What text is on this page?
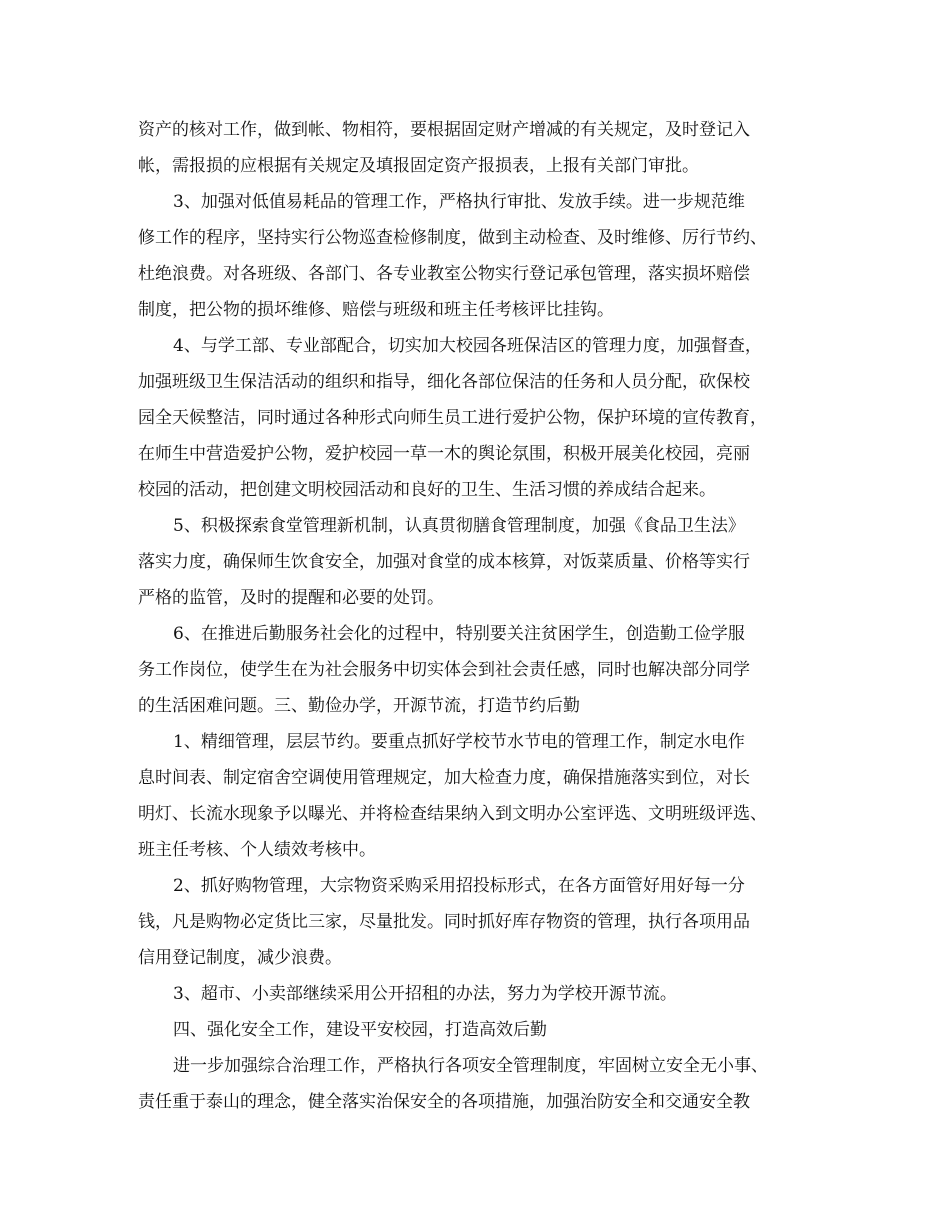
资产的核对工作，做到帐、物相符，要根据固定财产增减的有关规定，及时登记入
帐，需报损的应根据有关规定及填报固定资产报损表，上报有关部门审批。
3、加强对低值易耗品的管理工作，严格执行审批、发放手续。进一步规范维
修工作的程序，坚持实行公物巡查检修制度，做到主动检查、及时维修、厉行节约、
杜绝浪费。对各班级、各部门、各专业教室公物实行登记承包管理，落实损坏赔偿
制度，把公物的损坏维修、赔偿与班级和班主任考核评比挂钩。
4、与学工部、专业部配合，切实加大校园各班保洁区的管理力度，加强督查，
加强班级卫生保洁活动的组织和指导，细化各部位保洁的任务和人员分配，砍保校
园全天候整洁，同时通过各种形式向师生员工进行爱护公物，保护环境的宣传教育，
在师生中营造爱护公物，爱护校园一草一木的舆论氛围，积极开展美化校园，亮丽
校园的活动，把创建文明校园活动和良好的卫生、生活习惯的养成结合起来。
5、积极探索食堂管理新机制，认真贯彻膳食管理制度，加强《食品卫生法》
落实力度，确保师生饮食安全，加强对食堂的成本核算，对饭菜质量、价格等实行
严格的监管，及时的提醒和必要的处罚。
6、在推进后勤服务社会化的过程中，特别要关注贫困学生，创造勤工俭学服
务工作岗位，使学生在为社会服务中切实体会到社会责任感，同时也解决部分同学
的生活困难问题。三、勤俭办学，开源节流，打造节约后勤
1、精细管理，层层节约。要重点抓好学校节水节电的管理工作，制定水电作
息时间表、制定宿舍空调使用管理规定，加大检查力度，确保措施落实到位，对长
明灯、长流水现象予以曝光、并将检查结果纳入到文明办公室评选、文明班级评选、
班主任考核、个人绩效考核中。
2、抓好购物管理，大宗物资采购采用招投标形式，在各方面管好用好每一分
钱，凡是购物必定货比三家，尽量批发。同时抓好库存物资的管理，执行各项用品
信用登记制度，减少浪费。
3、超市、小卖部继续采用公开招租的办法，努力为学校开源节流。
四、强化安全工作，建设平安校园，打造高效后勤
进一步加强综合治理工作，严格执行各项安全管理制度，牢固树立安全无小事、
责任重于泰山的理念，健全落实治保安全的各项措施，加强治防安全和交通安全教
